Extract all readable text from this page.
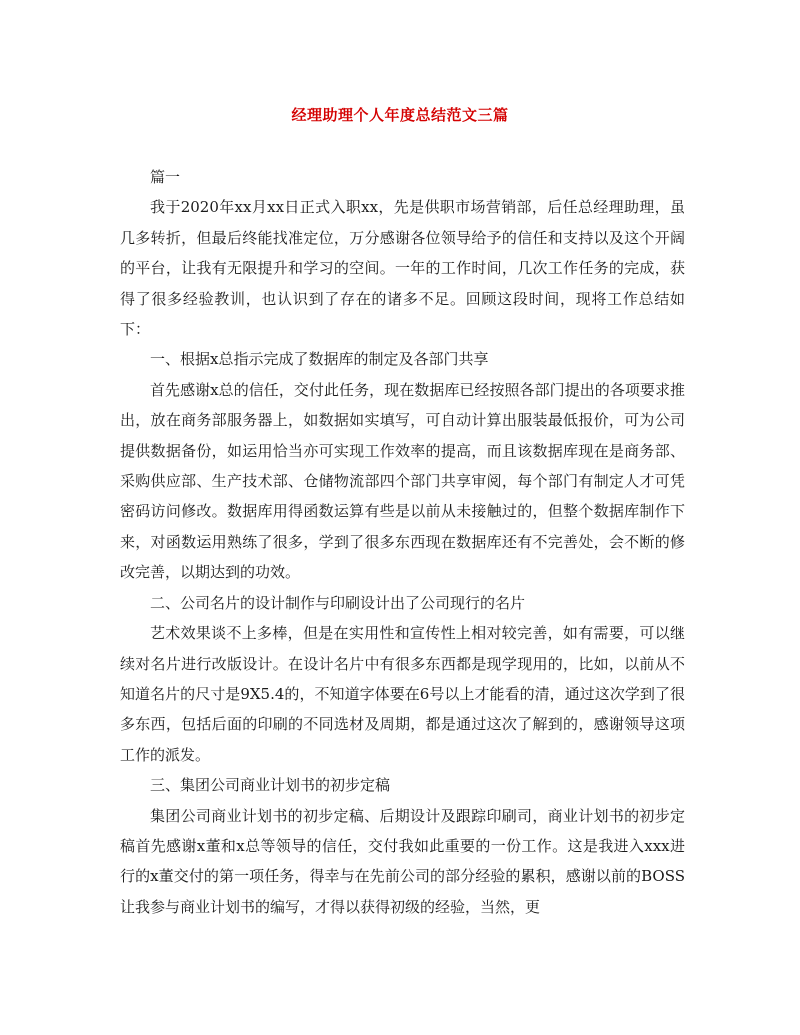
经理助理个人年度总结范文三篇

篇一

我于2020年xx月xx日正式入职xx，先是供职市场营销部，后任总经理助理，虽几多转折，但最后终能找准定位，万分感谢各位领导给予的信任和支持以及这个开阔的平台，让我有无限提升和学习的空间。一年的工作时间，几次工作任务的完成，获得了很多经验教训，也认识到了存在的诸多不足。回顾这段时间，现将工作总结如下：

一、根据x总指示完成了数据库的制定及各部门共享

首先感谢x总的信任，交付此任务，现在数据库已经按照各部门提出的各项要求推出，放在商务部服务器上，如数据如实填写，可自动计算出服装最低报价，可为公司提供数据备份，如运用恰当亦可实现工作效率的提高，而且该数据库现在是商务部、采购供应部、生产技术部、仓储物流部四个部门共享审阅，每个部门有制定人才可凭密码访问修改。数据库用得函数运算有些是以前从未接触过的，但整个数据库制作下来，对函数运用熟练了很多，学到了很多东西现在数据库还有不完善处，会不断的修改完善，以期达到的功效。

二、公司名片的设计制作与印刷设计出了公司现行的名片

艺术效果谈不上多棒，但是在实用性和宣传性上相对较完善，如有需要，可以继续对名片进行改版设计。在设计名片中有很多东西都是现学现用的，比如，以前从不知道名片的尺寸是9X5.4的，不知道字体要在6号以上才能看的清，通过这次学到了很多东西，包括后面的印刷的不同选材及周期，都是通过这次了解到的，感谢领导这项工作的派发。

三、集团公司商业计划书的初步定稿

集团公司商业计划书的初步定稿、后期设计及跟踪印刷司，商业计划书的初步定稿首先感谢x董和x总等领导的信任，交付我如此重要的一份工作。这是我进入xxx进行的x董交付的第一项任务，得幸与在先前公司的部分经验的累积，感谢以前的BOSS让我参与商业计划书的编写，才得以获得初级的经验，当然，更
